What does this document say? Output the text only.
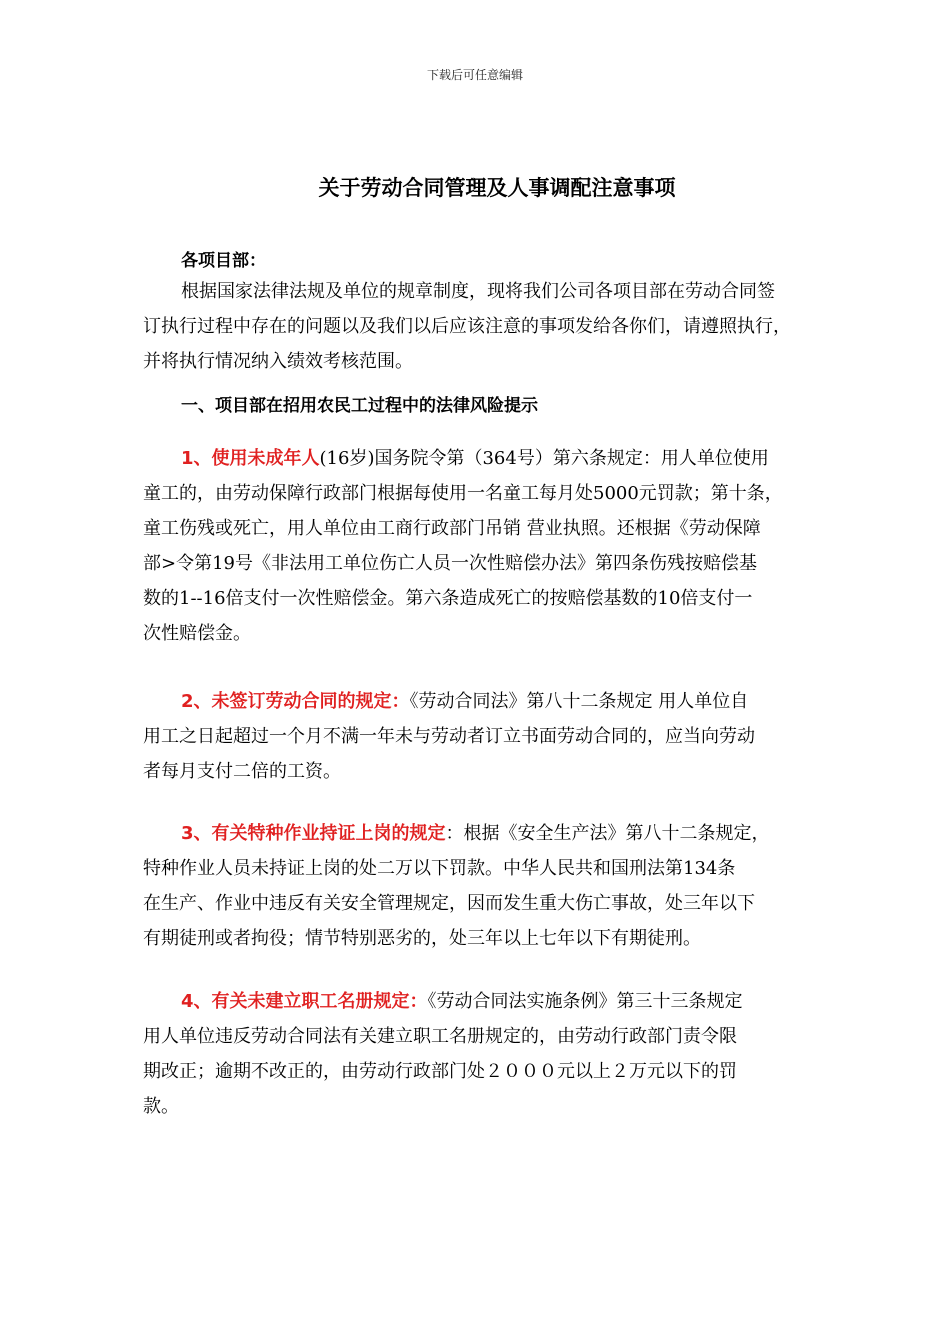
下载后可任意编辑
关于劳动合同管理及人事调配注意事项
各项目部：

根据国家法律法规及单位的规章制度，现将我们公司各项目部在劳动合同签

订执行过程中存在的问题以及我们以后应该注意的事项发给各你们，请遵照执行，

并将执行情况纳入绩效考核范围。

一、项目部在招用农民工过程中的法律风险提示

1、使用未成年人(16岁)国务院令第（364号）第六条规定：用人单位使用

童工的，由劳动保障行政部门根据每使用一名童工每月处5000元罚款；第十条，

童工伤残或死亡，用人单位由工商行政部门吊销 营业执照。还根据《劳动保障

部>令第19号《非法用工单位伤亡人员一次性赔偿办法》第四条伤残按赔偿基

数的1--16倍支付一次性赔偿金。第六条造成死亡的按赔偿基数的10倍支付一

次性赔偿金。

2、未签订劳动合同的规定：《劳动合同法》第八十二条规定 用人单位自

用工之日起超过一个月不满一年未与劳动者订立书面劳动合同的，应当向劳动

者每月支付二倍的工资。

3、有关特种作业持证上岗的规定：根据《安全生产法》第八十二条规定，

特种作业人员未持证上岗的处二万以下罚款。中华人民共和国刑法第134条

在生产、作业中违反有关安全管理规定，因而发生重大伤亡事故，处三年以下

有期徒刑或者拘役；情节特别恶劣的，处三年以上七年以下有期徒刑。

4、有关未建立职工名册规定：《劳动合同法实施条例》第三十三条规定

用人单位违反劳动合同法有关建立职工名册规定的，由劳动行政部门责令限

期改正；逾期不改正的，由劳动行政部门处２０００元以上２万元以下的罚

款。
